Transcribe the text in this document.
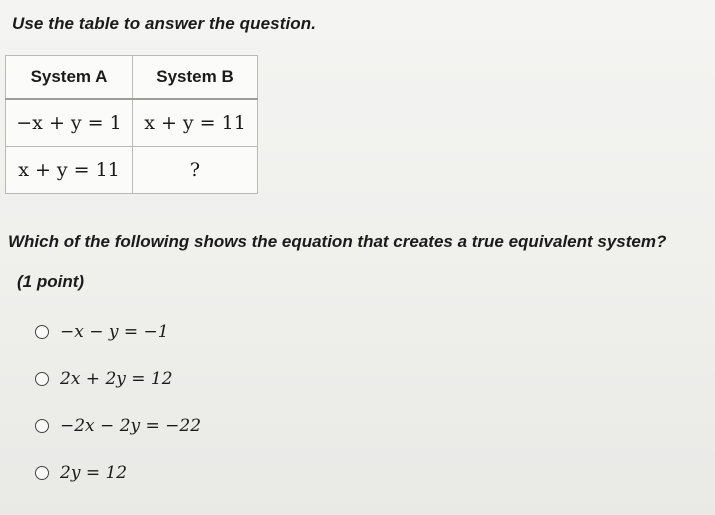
Use the table to answer the question.
System A	System B
−x + y = 1	x + y = 11
x + y = 11	?
Which of the following shows the equation that creates a true equivalent system?
(1 point)
−x − y = −1
2x + 2y = 12
−2x − 2y = −22
2y = 12
